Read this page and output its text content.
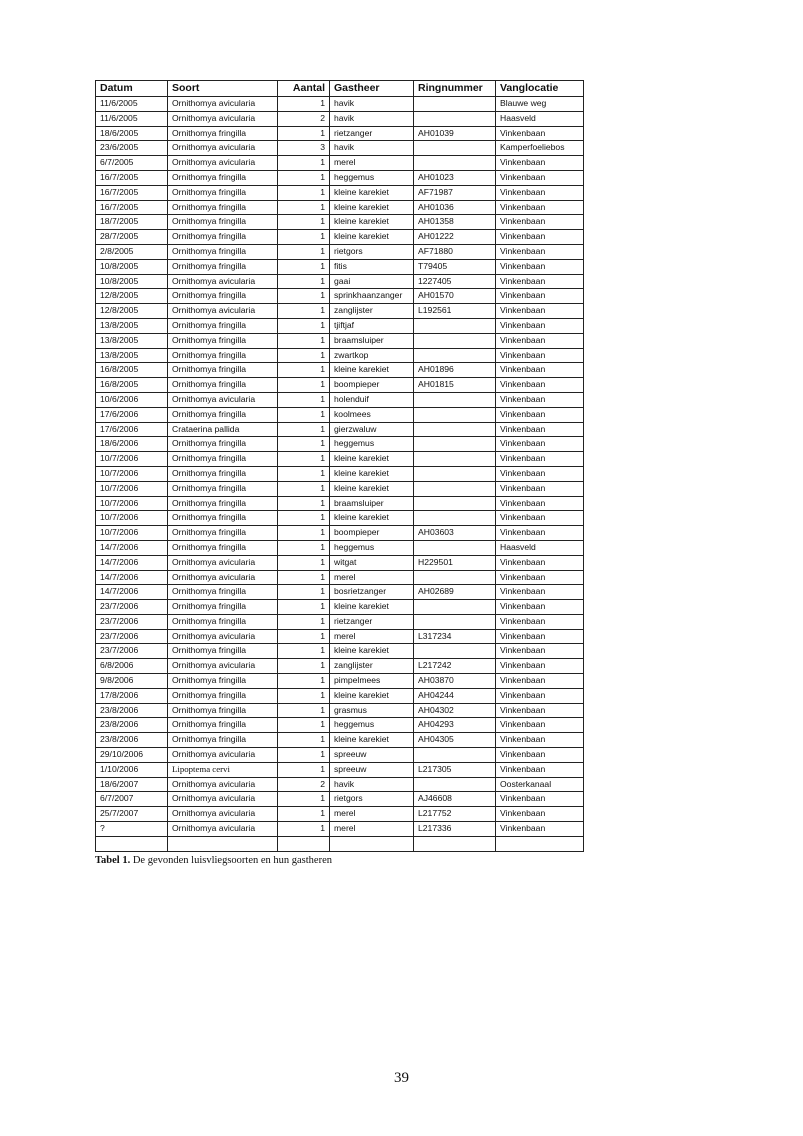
Datum	Soort	Aantal	Gastheer	Ringnummer	Vanglocatie
11/6/2005	Ornithomya avicularia	1	havik		Blauwe weg
11/6/2005	Ornithomya avicularia	2	havik		Haasveld
18/6/2005	Ornithomya fringilla	1	rietzanger	AH01039	Vinkenbaan
23/6/2005	Ornithomya avicularia	3	havik		Kamperfoeliebos
6/7/2005	Ornithomya avicularia	1	merel		Vinkenbaan
16/7/2005	Ornithomya fringilla	1	heggemus	AH01023	Vinkenbaan
16/7/2005	Ornithomya fringilla	1	kleine karekiet	AF71987	Vinkenbaan
16/7/2005	Ornithomya fringilla	1	kleine karekiet	AH01036	Vinkenbaan
18/7/2005	Ornithomya fringilla	1	kleine karekiet	AH01358	Vinkenbaan
28/7/2005	Ornithomya fringilla	1	kleine karekiet	AH01222	Vinkenbaan
2/8/2005	Ornithomya fringilla	1	rietgors	AF71880	Vinkenbaan
10/8/2005	Ornithomya fringilla	1	fitis	T79405	Vinkenbaan
10/8/2005	Ornithomya avicularia	1	gaai	1227405	Vinkenbaan
12/8/2005	Ornithomya fringilla	1	sprinkhaanzanger	AH01570	Vinkenbaan
12/8/2005	Ornithomya avicularia	1	zanglijster	L192561	Vinkenbaan
13/8/2005	Ornithomya fringilla	1	tjiftjaf		Vinkenbaan
13/8/2005	Ornithomya fringilla	1	braamsluiper		Vinkenbaan
13/8/2005	Ornithomya fringilla	1	zwartkop		Vinkenbaan
16/8/2005	Ornithomya fringilla	1	kleine karekiet	AH01896	Vinkenbaan
16/8/2005	Ornithomya fringilla	1	boompieper	AH01815	Vinkenbaan
10/6/2006	Ornithomya avicularia	1	holenduif		Vinkenbaan
17/6/2006	Ornithomya fringilla	1	koolmees		Vinkenbaan
17/6/2006	Crataerina pallida	1	gierzwaluw		Vinkenbaan
18/6/2006	Ornithomya fringilla	1	heggemus		Vinkenbaan
10/7/2006	Ornithomya fringilla	1	kleine karekiet		Vinkenbaan
10/7/2006	Ornithomya fringilla	1	kleine karekiet		Vinkenbaan
10/7/2006	Ornithomya fringilla	1	kleine karekiet		Vinkenbaan
10/7/2006	Ornithomya fringilla	1	braamsluiper		Vinkenbaan
10/7/2006	Ornithomya fringilla	1	kleine karekiet		Vinkenbaan
10/7/2006	Ornithomya fringilla	1	boompieper	AH03603	Vinkenbaan
14/7/2006	Ornithomya fringilla	1	heggemus		Haasveld
14/7/2006	Ornithomya avicularia	1	witgat	H229501	Vinkenbaan
14/7/2006	Ornithomya avicularia	1	merel		Vinkenbaan
14/7/2006	Ornithomya fringilla	1	bosrietzanger	AH02689	Vinkenbaan
23/7/2006	Ornithomya fringilla	1	kleine karekiet		Vinkenbaan
23/7/2006	Ornithomya fringilla	1	rietzanger		Vinkenbaan
23/7/2006	Ornithomya avicularia	1	merel	L317234	Vinkenbaan
23/7/2006	Ornithomya fringilla	1	kleine karekiet		Vinkenbaan
6/8/2006	Ornithomya avicularia	1	zanglijster	L217242	Vinkenbaan
9/8/2006	Ornithomya fringilla	1	pimpelmees	AH03870	Vinkenbaan
17/8/2006	Ornithomya fringilla	1	kleine karekiet	AH04244	Vinkenbaan
23/8/2006	Ornithomya fringilla	1	grasmus	AH04302	Vinkenbaan
23/8/2006	Ornithomya fringilla	1	heggemus	AH04293	Vinkenbaan
23/8/2006	Ornithomya fringilla	1	kleine karekiet	AH04305	Vinkenbaan
29/10/2006	Ornithomya avicularia	1	spreeuw		Vinkenbaan
1/10/2006	Lipoptema cervi	1	spreeuw	L217305	Vinkenbaan
18/6/2007	Ornithomya avicularia	2	havik		Oosterkanaal
6/7/2007	Ornithomya avicularia	1	rietgors	AJ46608	Vinkenbaan
25/7/2007	Ornithomya avicularia	1	merel	L217752	Vinkenbaan
?	Ornithomya avicularia	1	merel	L217336	Vinkenbaan

Tabel 1. De gevonden luisvliegsoorten en hun gastheren
39
